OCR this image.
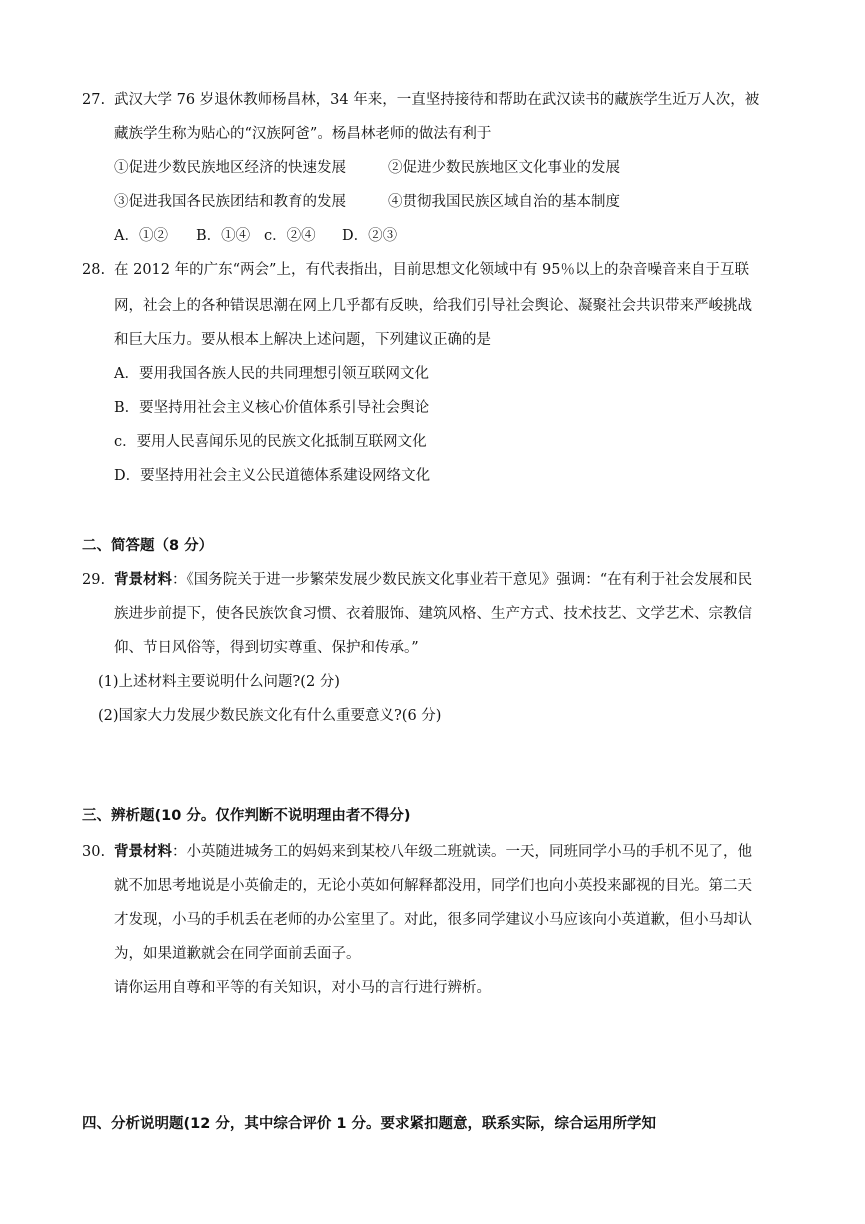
27. 武汉大学 76 岁退休教师杨昌林，34 年来，一直坚持接待和帮助在武汉读书的藏族学生近万人次，被
藏族学生称为贴心的“汉族阿爸”。杨昌林老师的做法有利于
①促进少数民族地区经济的快速发展	②促进少数民族地区文化事业的发展
③促进我国各民族团结和教育的发展	④贯彻我国民族区域自治的基本制度
A．①② B．①④ c．②④ D．②③
28. 在 2012 年的广东“两会”上，有代表指出，目前思想文化领域中有 95％以上的杂音噪音来自于互联
网，社会上的各种错误思潮在网上几乎都有反映，给我们引导社会舆论、凝聚社会共识带来严峻挑战
和巨大压力。要从根本上解决上述问题，下列建议正确的是
A．要用我国各族人民的共同理想引领互联网文化
B．要坚持用社会主义核心价值体系引导社会舆论
c．要用人民喜闻乐见的民族文化抵制互联网文化
D．要坚持用社会主义公民道德体系建设网络文化
二、简答题（8 分）
29. 背景材料：《国务院关于进一步繁荣发展少数民族文化事业若干意见》强调：“在有利于社会发展和民
族进步前提下，使各民族饮食习惯、衣着服饰、建筑风格、生产方式、技术技艺、文学艺术、宗教信
仰、节日风俗等，得到切实尊重、保护和传承。”
(1)上述材料主要说明什么问题?(2 分)
(2)国家大力发展少数民族文化有什么重要意义?(6 分)
三、辨析题(10 分。仅作判断不说明理由者不得分)
30. 背景材料：小英随进城务工的妈妈来到某校八年级二班就读。一天，同班同学小马的手机不见了，他
就不加思考地说是小英偷走的，无论小英如何解释都没用，同学们也向小英投来鄙视的目光。第二天
才发现，小马的手机丢在老师的办公室里了。对此，很多同学建议小马应该向小英道歉，但小马却认
为，如果道歉就会在同学面前丢面子。
请你运用自尊和平等的有关知识，对小马的言行进行辨析。
四、分析说明题(12 分，其中综合评价 1 分。要求紧扣题意，联系实际，综合运用所学知
